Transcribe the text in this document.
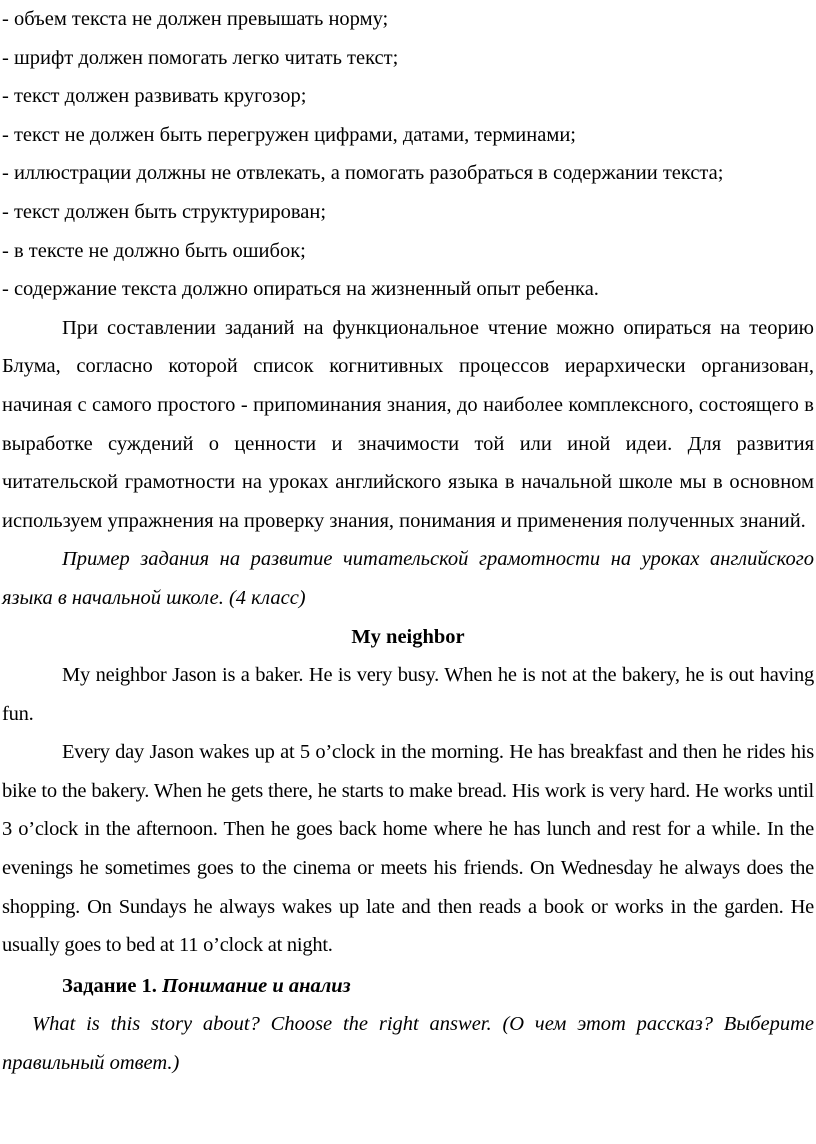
- объем текста не должен превышать норму;
- шрифт должен помогать легко читать текст;
- текст должен развивать кругозор;
- текст не должен быть перегружен цифрами, датами, терминами;
- иллюстрации должны не отвлекать, а помогать разобраться в содержании текста;
- текст должен быть структурирован;
- в тексте не должно быть ошибок;
- содержание текста должно опираться на жизненный опыт ребенка.

При составлении заданий на функциональное чтение можно опираться на теорию Блума, согласно которой список когнитивных процессов иерархически организован, начиная с самого простого - припоминания знания, до наиболее комплексного, состоящего в выработке суждений о ценности и значимости той или иной идеи. Для развития читательской грамотности на уроках английского языка в начальной школе мы в основном используем упражнения на проверку знания, понимания и применения полученных знаний.

Пример задания на развитие читательской грамотности на уроках английского языка в начальной школе. (4 класс)

My neighbor

My neighbor Jason is a baker. He is very busy. When he is not at the bakery, he is out having fun.

Every day Jason wakes up at 5 o’clock in the morning. He has breakfast and then he rides his bike to the bakery. When he gets there, he starts to make bread. His work is very hard. He works until 3 o’clock in the afternoon. Then he goes back home where he has lunch and rest for a while. In the evenings he sometimes goes to the cinema or meets his friends. On Wednesday he always does the shopping. On Sundays he always wakes up late and then reads a book or works in the garden. He usually goes to bed at 11 o’clock at night.

Задание 1. Понимание и анализ

What is this story about? Choose the right answer. (О чем этот рассказ? Выберите правильный ответ.)
